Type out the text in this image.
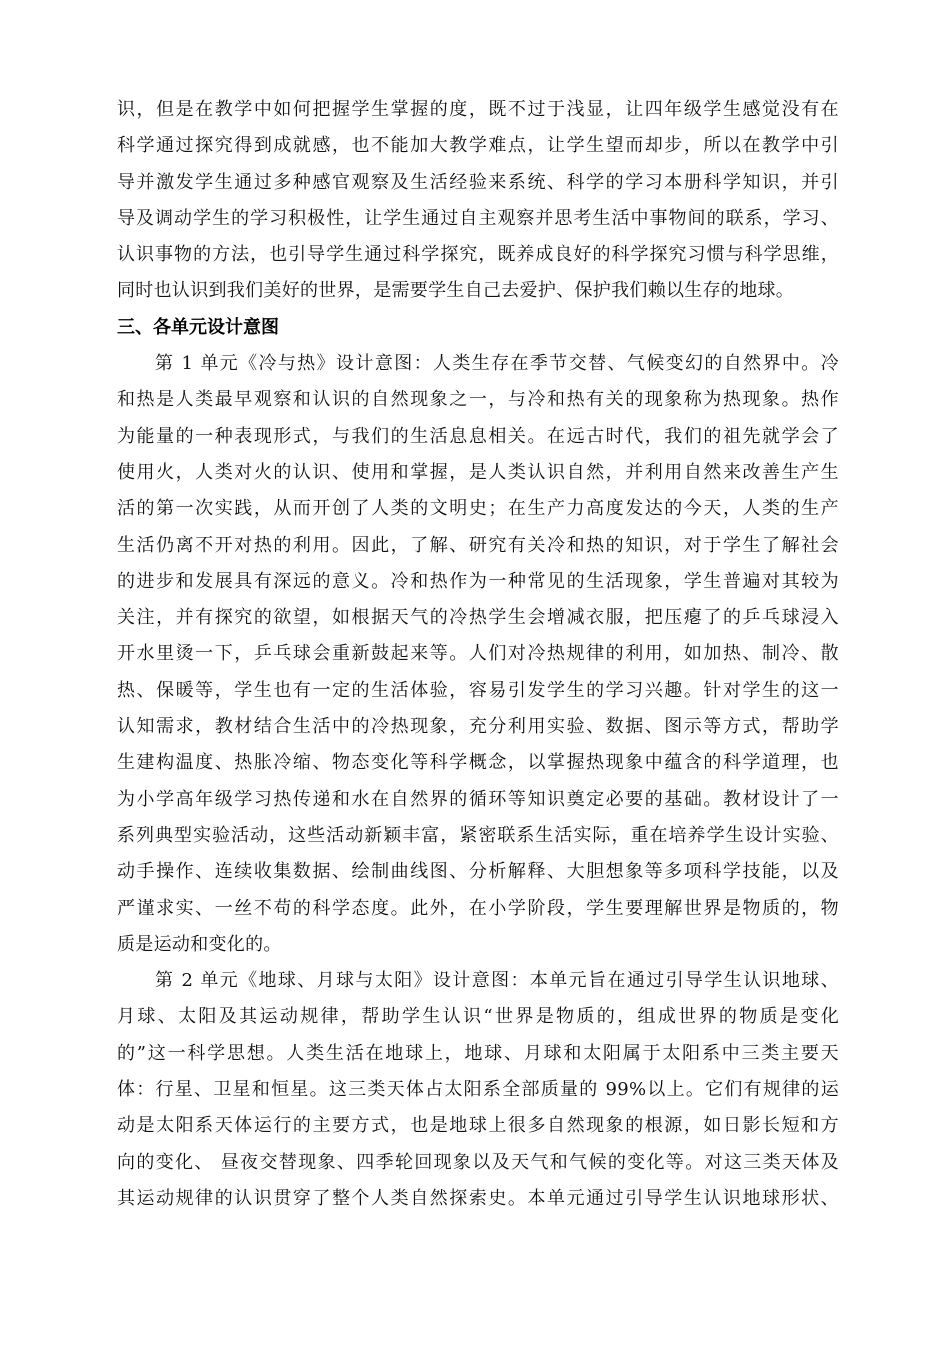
识，但是在教学中如何把握学生掌握的度，既不过于浅显，让四年级学生感觉没有在
科学通过探究得到成就感，也不能加大教学难点，让学生望而却步，所以在教学中引
导并激发学生通过多种感官观察及生活经验来系统、科学的学习本册科学知识，并引
导及调动学生的学习积极性，让学生通过自主观察并思考生活中事物间的联系，学习、
认识事物的方法，也引导学生通过科学探究，既养成良好的科学探究习惯与科学思维，
同时也认识到我们美好的世界，是需要学生自己去爱护、保护我们赖以生存的地球。
三、各单元设计意图
第 1 单元《冷与热》设计意图：人类生存在季节交替、气候变幻的自然界中。冷
和热是人类最早观察和认识的自然现象之一，与冷和热有关的现象称为热现象。热作
为能量的一种表现形式，与我们的生活息息相关。在远古时代，我们的祖先就学会了
使用火，人类对火的认识、使用和掌握，是人类认识自然，并利用自然来改善生产生
活的第一次实践，从而开创了人类的文明史；在生产力高度发达的今天，人类的生产
生活仍离不开对热的利用。因此，了解、研究有关冷和热的知识，对于学生了解社会
的进步和发展具有深远的意义。冷和热作为一种常见的生活现象，学生普遍对其较为
关注，并有探究的欲望，如根据天气的冷热学生会增减衣服，把压瘪了的乒乓球浸入
开水里烫一下，乒乓球会重新鼓起来等。人们对冷热规律的利用，如加热、制冷、散
热、保暖等，学生也有一定的生活体验，容易引发学生的学习兴趣。针对学生的这一
认知需求，教材结合生活中的冷热现象，充分利用实验、数据、图示等方式，帮助学
生建构温度、热胀冷缩、物态变化等科学概念，以掌握热现象中蕴含的科学道理，也
为小学高年级学习热传递和水在自然界的循环等知识奠定必要的基础。教材设计了一
系列典型实验活动，这些活动新颖丰富，紧密联系生活实际，重在培养学生设计实验、
动手操作、连续收集数据、绘制曲线图、分析解释、大胆想象等多项科学技能，以及
严谨求实、一丝不苟的科学态度。此外，在小学阶段，学生要理解世界是物质的，物
质是运动和变化的。
第 2 单元《地球、月球与太阳》设计意图：本单元旨在通过引导学生认识地球、
月球、太阳及其运动规律，帮助学生认识“世界是物质的，组成世界的物质是变化
的”这一科学思想。人类生活在地球上，地球、月球和太阳属于太阳系中三类主要天
体：行星、卫星和恒星。这三类天体占太阳系全部质量的 99%以上。它们有规律的运
动是太阳系天体运行的主要方式，也是地球上很多自然现象的根源，如日影长短和方
向的变化、 昼夜交替现象、四季轮回现象以及天气和气候的变化等。对这三类天体及
其运动规律的认识贯穿了整个人类自然探索史。本单元通过引导学生认识地球形状、
